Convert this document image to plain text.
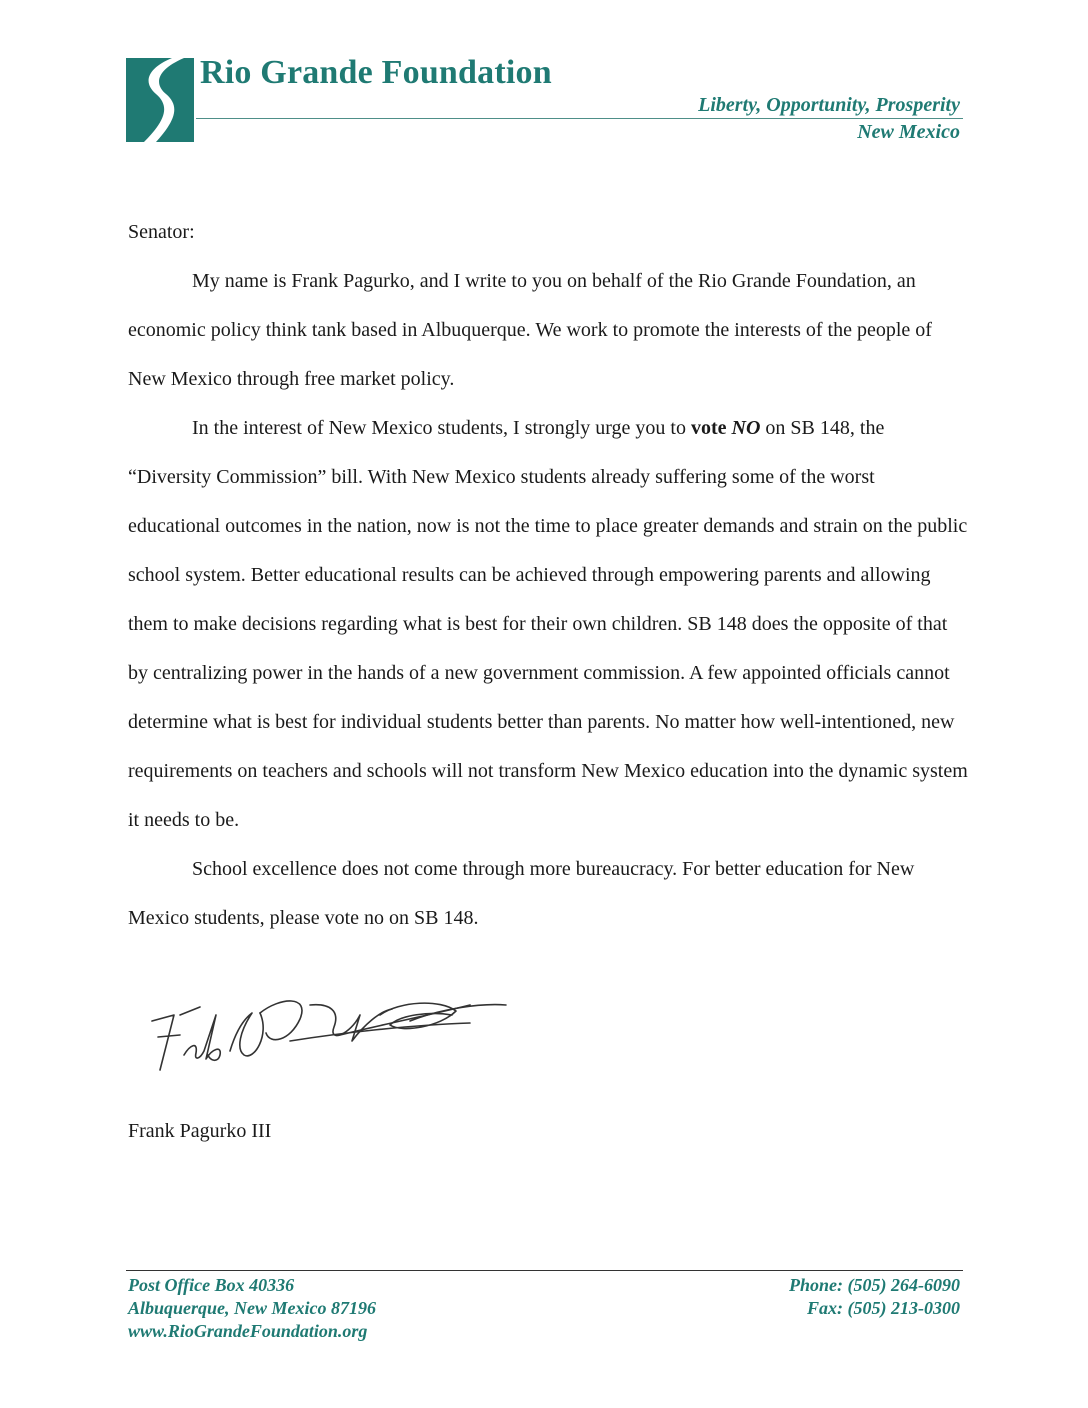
Rio Grande Foundation
Liberty, Opportunity, Prosperity
New Mexico

Senator:

My name is Frank Pagurko, and I write to you on behalf of the Rio Grande Foundation, an economic policy think tank based in Albuquerque. We work to promote the interests of the people of New Mexico through free market policy.

In the interest of New Mexico students, I strongly urge you to vote NO on SB 148, the “Diversity Commission” bill. With New Mexico students already suffering some of the worst educational outcomes in the nation, now is not the time to place greater demands and strain on the public school system. Better educational results can be achieved through empowering parents and allowing them to make decisions regarding what is best for their own children. SB 148 does the opposite of that by centralizing power in the hands of a new government commission. A few appointed officials cannot determine what is best for individual students better than parents. No matter how well-intentioned, new requirements on teachers and schools will not transform New Mexico education into the dynamic system it needs to be.

School excellence does not come through more bureaucracy. For better education for New Mexico students, please vote no on SB 148.

Frank Pagurko III
Post Office Box 40336
Albuquerque, New Mexico 87196
www.RioGrandeFoundation.org
Phone: (505) 264-6090
Fax: (505) 213-0300
